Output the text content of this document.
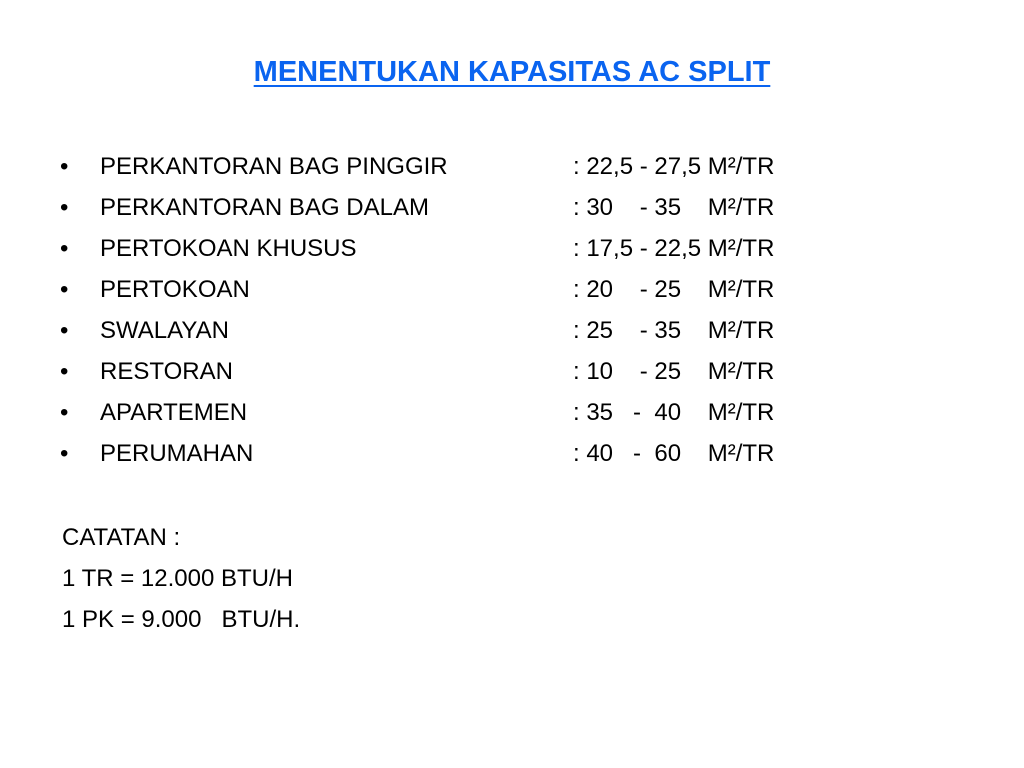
MENENTUKAN KAPASITAS AC SPLIT
• PERKANTORAN BAG PINGGIR	: 22,5 - 27,5 M²/TR
• PERKANTORAN BAG DALAM	: 30    - 35    M²/TR
• PERTOKOAN KHUSUS	: 17,5 - 22,5 M²/TR
• PERTOKOAN	: 20    - 25    M²/TR
• SWALAYAN	: 25    - 35    M²/TR
• RESTORAN	: 10    - 25    M²/TR
• APARTEMEN	: 35   -  40    M²/TR
• PERUMAHAN	: 40   -  60    M²/TR
CATATAN :
1 TR = 12.000 BTU/H
1 PK = 9.000   BTU/H.
